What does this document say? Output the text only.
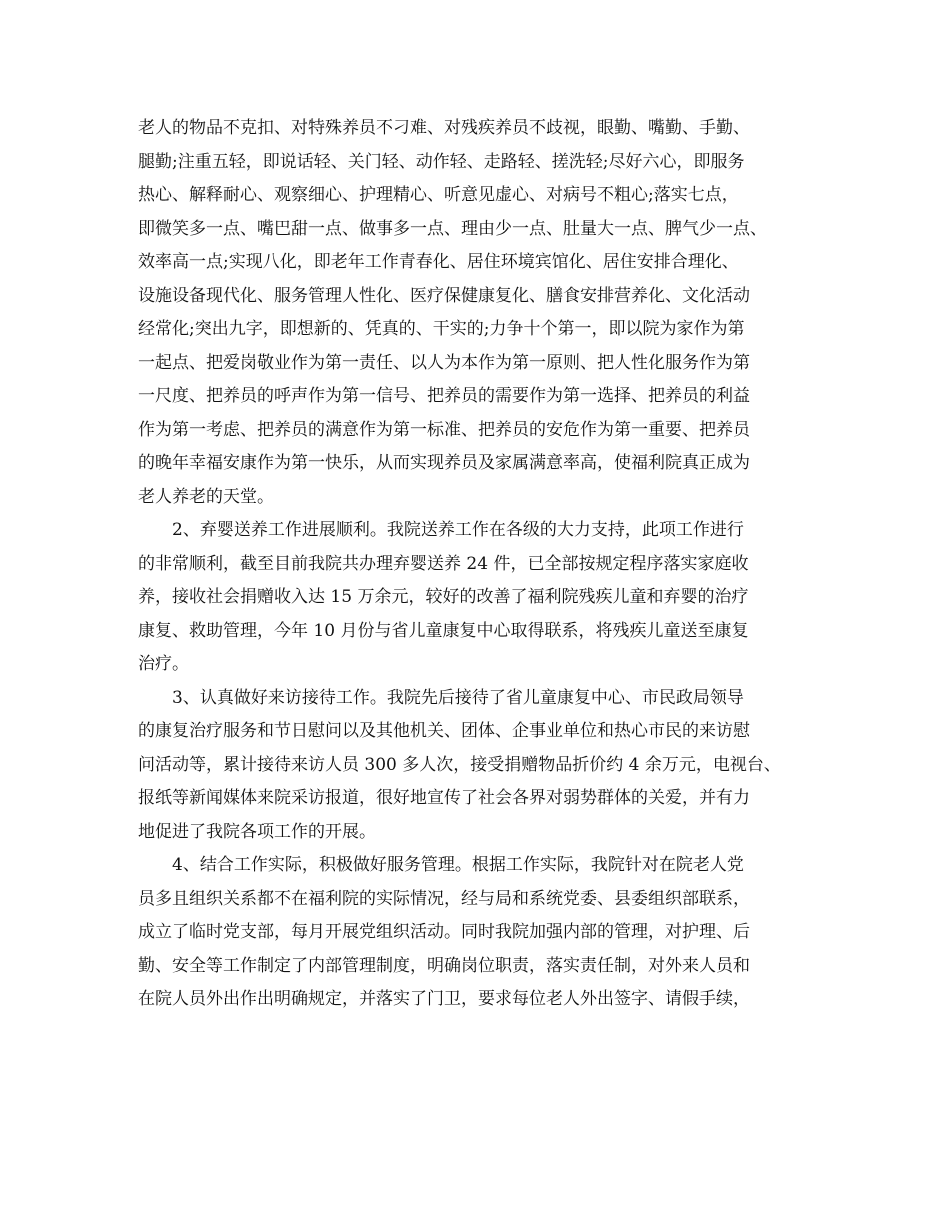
老人的物品不克扣、对特殊养员不刁难、对残疾养员不歧视，眼勤、嘴勤、手勤、
腿勤;注重五轻，即说话轻、关门轻、动作轻、走路轻、搓洗轻;尽好六心，即服务
热心、解释耐心、观察细心、护理精心、听意见虚心、对病号不粗心;落实七点，
即微笑多一点、嘴巴甜一点、做事多一点、理由少一点、肚量大一点、脾气少一点、
效率高一点;实现八化，即老年工作青春化、居住环境宾馆化、居住安排合理化、
设施设备现代化、服务管理人性化、医疗保健康复化、膳食安排营养化、文化活动
经常化;突出九字，即想新的、凭真的、干实的;力争十个第一，即以院为家作为第
一起点、把爱岗敬业作为第一责任、以人为本作为第一原则、把人性化服务作为第
一尺度、把养员的呼声作为第一信号、把养员的需要作为第一选择、把养员的利益
作为第一考虑、把养员的满意作为第一标准、把养员的安危作为第一重要、把养员
的晚年幸福安康作为第一快乐，从而实现养员及家属满意率高，使福利院真正成为
老人养老的天堂。
2、弃婴送养工作进展顺利。我院送养工作在各级的大力支持，此项工作进行
的非常顺利，截至目前我院共办理弃婴送养 24 件，已全部按规定程序落实家庭收
养，接收社会捐赠收入达 15 万余元，较好的改善了福利院残疾儿童和弃婴的治疗
康复、救助管理，今年 10 月份与省儿童康复中心取得联系，将残疾儿童送至康复
治疗。
3、认真做好来访接待工作。我院先后接待了省儿童康复中心、市民政局领导
的康复治疗服务和节日慰问以及其他机关、团体、企事业单位和热心市民的来访慰
问活动等，累计接待来访人员 300 多人次，接受捐赠物品折价约 4 余万元，电视台、
报纸等新闻媒体来院采访报道，很好地宣传了社会各界对弱势群体的关爱，并有力
地促进了我院各项工作的开展。
4、结合工作实际，积极做好服务管理。根据工作实际，我院针对在院老人党
员多且组织关系都不在福利院的实际情况，经与局和系统党委、县委组织部联系，
成立了临时党支部，每月开展党组织活动。同时我院加强内部的管理，对护理、后
勤、安全等工作制定了内部管理制度，明确岗位职责，落实责任制，对外来人员和
在院人员外出作出明确规定，并落实了门卫，要求每位老人外出签字、请假手续，
